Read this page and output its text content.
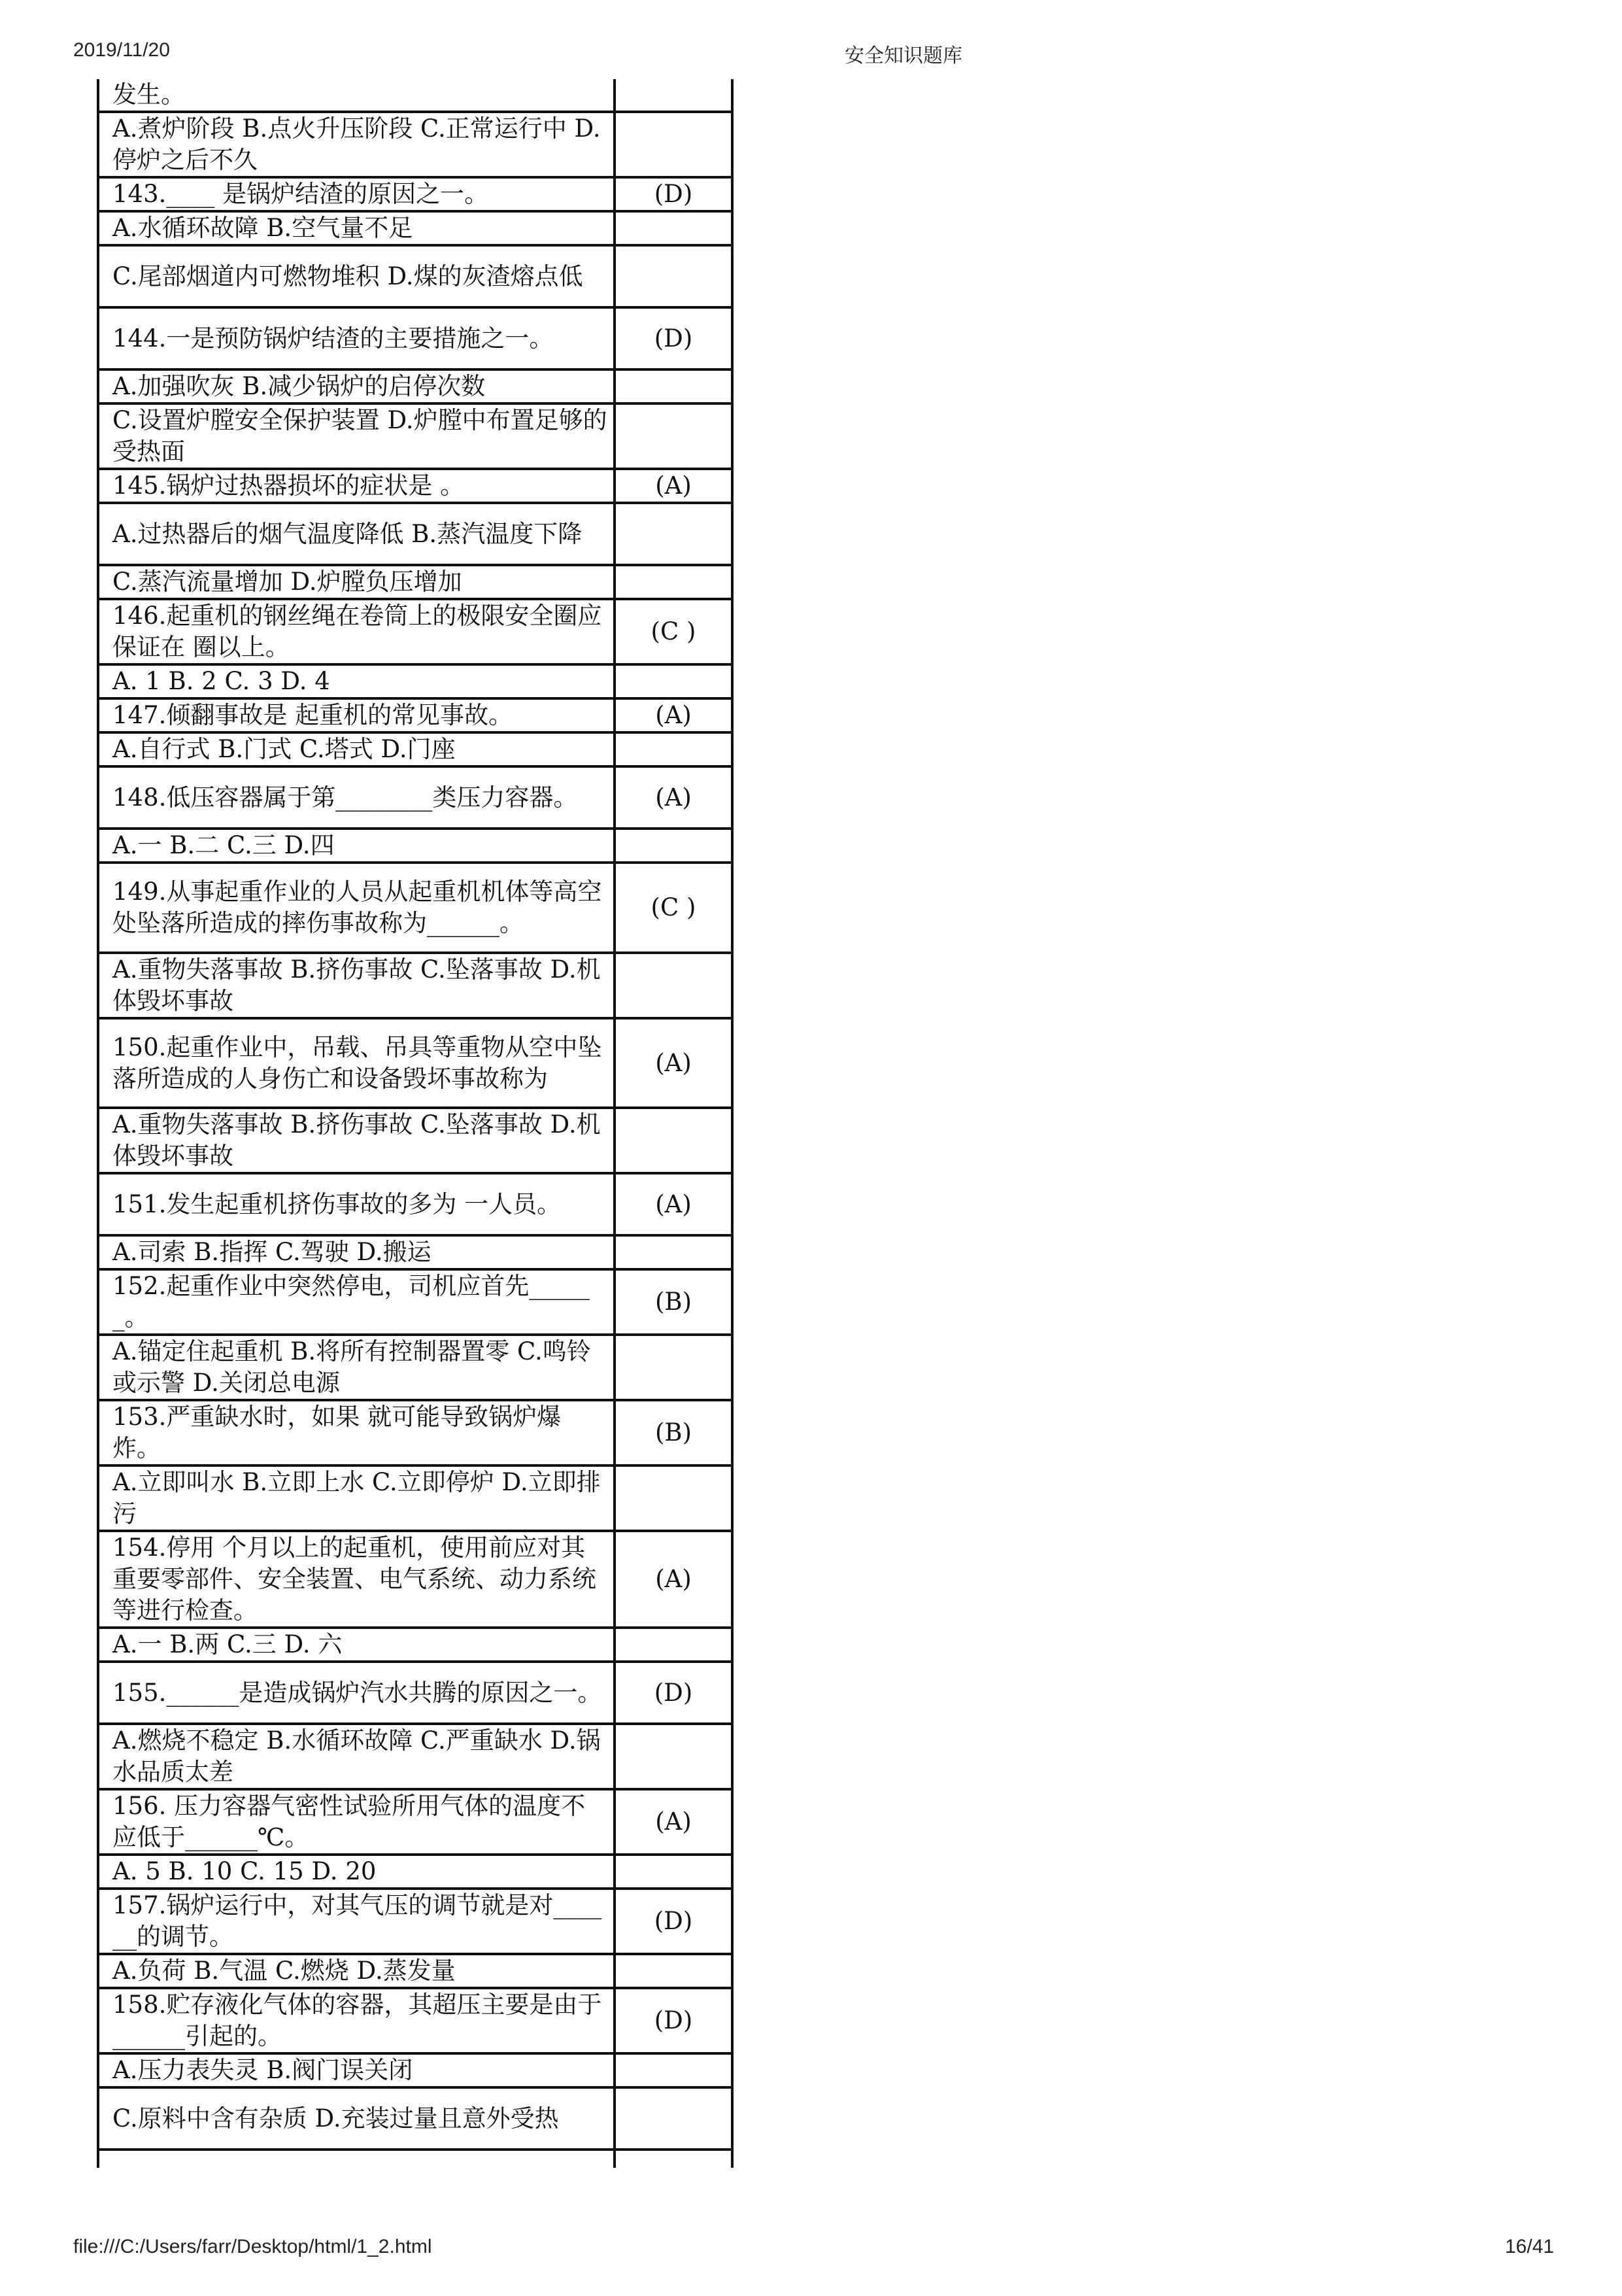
2019/11/20	安全知识题库
发生。	
A.煮炉阶段 B.点火升压阶段 C.正常运行中 D.停炉之后不久	
143.____ 是锅炉结渣的原因之一。	(D)
A.水循环故障 B.空气量不足	
C.尾部烟道内可燃物堆积 D.煤的灰渣熔点低	
144.一是预防锅炉结渣的主要措施之一。	(D)
A.加强吹灰 B.减少锅炉的启停次数	
C.设置炉膛安全保护装置 D.炉膛中布置足够的受热面	
145.锅炉过热器损坏的症状是 。	(A)
A.过热器后的烟气温度降低 B.蒸汽温度下降	
C.蒸汽流量增加 D.炉膛负压增加	
146.起重机的钢丝绳在卷筒上的极限安全圈应保证在 圈以上。	(C )
A. 1 B. 2 C. 3 D. 4	
147.倾翻事故是 起重机的常见事故。	(A)
A.自行式 B.门式 C.塔式 D.门座	
148.低压容器属于第________类压力容器。	(A)
A.一 B.二 C.三 D.四	
149.从事起重作业的人员从起重机机体等高空处坠落所造成的摔伤事故称为______。	(C )
A.重物失落事故 B.挤伤事故 C.坠落事故 D.机体毁坏事故	
150.起重作业中，吊载、吊具等重物从空中坠落所造成的人身伤亡和设备毁坏事故称为	(A)
A.重物失落事故 B.挤伤事故 C.坠落事故 D.机体毁坏事故	
151.发生起重机挤伤事故的多为 一人员。	(A)
A.司索 B.指挥 C.驾驶 D.搬运	
152.起重作业中突然停电，司机应首先______。	(B)
A.锚定住起重机 B.将所有控制器置零 C.鸣铃或示警 D.关闭总电源	
153.严重缺水时，如果 就可能导致锅炉爆炸。	(B)
A.立即叫水 B.立即上水 C.立即停炉 D.立即排污	
154.停用 个月以上的起重机，使用前应对其重要零部件、安全装置、电气系统、动力系统等进行检查。	(A)
A.一 B.两 C.三 D. 六	
155.______是造成锅炉汽水共腾的原因之一。	(D)
A.燃烧不稳定 B.水循环故障 C.严重缺水 D.锅水品质太差	
156. 压力容器气密性试验所用气体的温度不应低于______℃。	(A)
A. 5 B. 10 C. 15 D. 20	
157.锅炉运行中，对其气压的调节就是对______的调节。	(D)
A.负荷 B.气温 C.燃烧 D.蒸发量	
158.贮存液化气体的容器，其超压主要是由于______引起的。	(D)
A.压力表失灵 B.阀门误关闭	
C.原料中含有杂质 D.充装过量且意外受热	

file:///C:/Users/farr/Desktop/html/1_2.html	16/41
